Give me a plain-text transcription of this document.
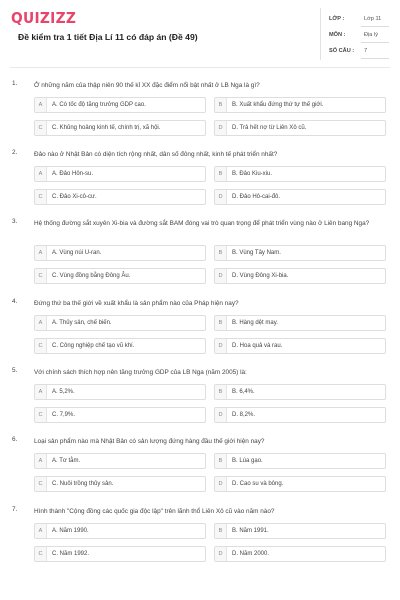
QUIZIZZ
Đề kiểm tra 1 tiết Địa Lí 11 có đáp án (Đề 49)
LỚP :	Lớp 11
MÔN :	Địa lý
SỐ CÂU : 7
1.	Ở những năm của thập niên 90 thế kỉ XX đặc điểm nổi bật nhất ở LB Nga là gì?
A	A. Có tốc độ tăng trưởng GDP cao.	B	B. Xuất khẩu đứng thứ tự thế giới.
C	C. Khủng hoảng kinh tế, chính trị, xã hội.	D	D. Trả hết nợ từ Liên Xô cũ.
2.	Đảo nào ở Nhật Bản có diện tích rộng nhất, dân số đông nhất, kinh tế phát triển nhất?
A	A. Đảo Hôn-su.	B	B. Đảo Kiu-xiu.
C	C. Đảo Xi-cô-cư.	D	D. Đảo Hô-cai-đô.
3.	Hệ thống đường sắt xuyên Xi-bia và đường sắt BAM đóng vai trò quan trọng để phát triển vùng nào ở Liên bang Nga?
A	A. Vùng núi U-ran.	B	B. Vùng Tây Nam.
C	C. Vùng đồng bằng Đông Âu.	D	D. Vùng Đông Xi-bia.
4.	Đứng thứ ba thế giới về xuất khẩu là sản phẩm nào của Pháp hiện nay?
A	A. Thủy sản, chế biến.	B	B. Hàng dệt may.
C	C. Công nghiệp chế tạo vũ khí.	D	D. Hoa quả và rau.
5.	Với chính sách thích hợp nên tăng trưởng GDP của LB Nga (năm 2005) là:
A	A. 5,2%.	B	B. 6,4%.
C	C. 7,9%.	D	D. 8,2%.
6.	Loại sản phẩm nào mà Nhật Bản có sản lượng đứng hàng đầu thế giới hiện nay?
A	A. Tơ tằm.	B	B. Lúa gạo.
C	C. Nuôi trồng thủy sản.	D	D. Cao su và bông.
7.	Hình thành "Cộng đồng các quốc gia độc lập" trên lãnh thổ Liên Xô cũ vào năm nào?
A	A. Năm 1990.	B	B. Năm 1991.
C	C. Năm 1992.	D	D. Năm 2000.
